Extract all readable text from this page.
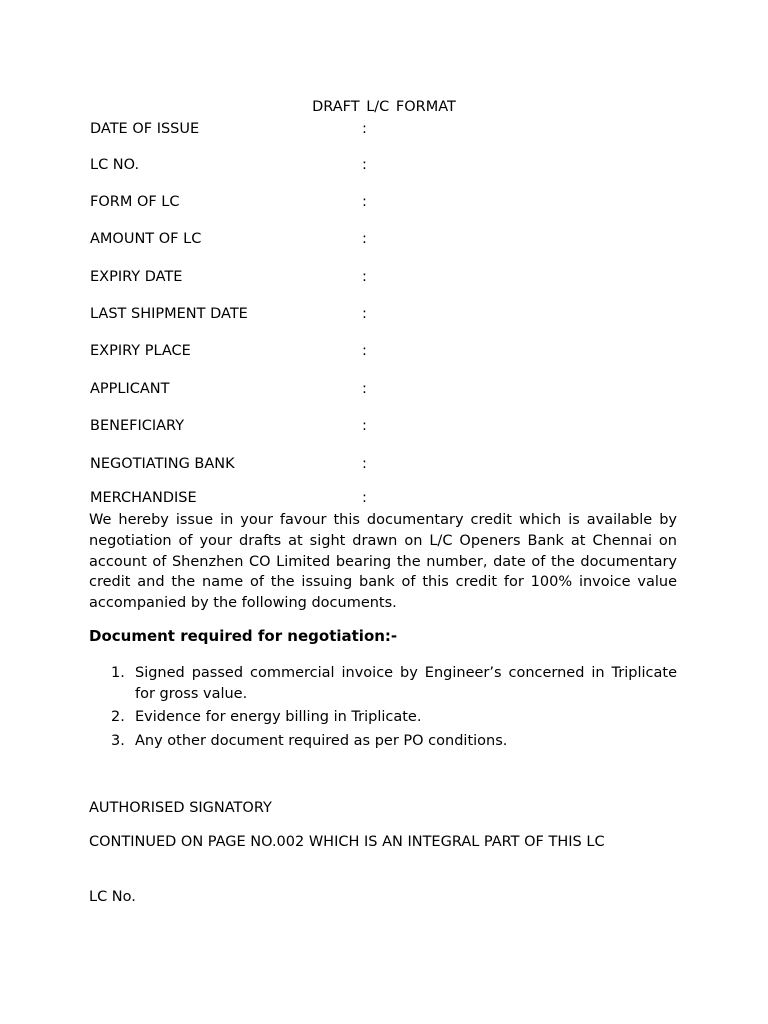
DRAFT L/C FORMAT
DATE OF ISSUE	:
LC NO.	:
FORM OF LC	:
AMOUNT OF LC	:
EXPIRY DATE	:
LAST SHIPMENT DATE	:
EXPIRY PLACE	:
APPLICANT	:
BENEFICIARY	:
NEGOTIATING BANK	:
MERCHANDISE	:
We hereby issue in your favour this documentary credit which is available by negotiation of your drafts at sight drawn on L/C Openers Bank at Chennai on account of Shenzhen CO Limited bearing the number, date of the documentary credit and the name of the issuing bank of this credit for 100% invoice value accompanied by the following documents.
Document required for negotiation:-
1. Signed passed commercial invoice by Engineer’s concerned in Triplicate for gross value.
2. Evidence for energy billing in Triplicate.
3. Any other document required as per PO conditions.
AUTHORISED SIGNATORY
CONTINUED ON PAGE NO.002 WHICH IS AN INTEGRAL PART OF THIS LC
LC No.
